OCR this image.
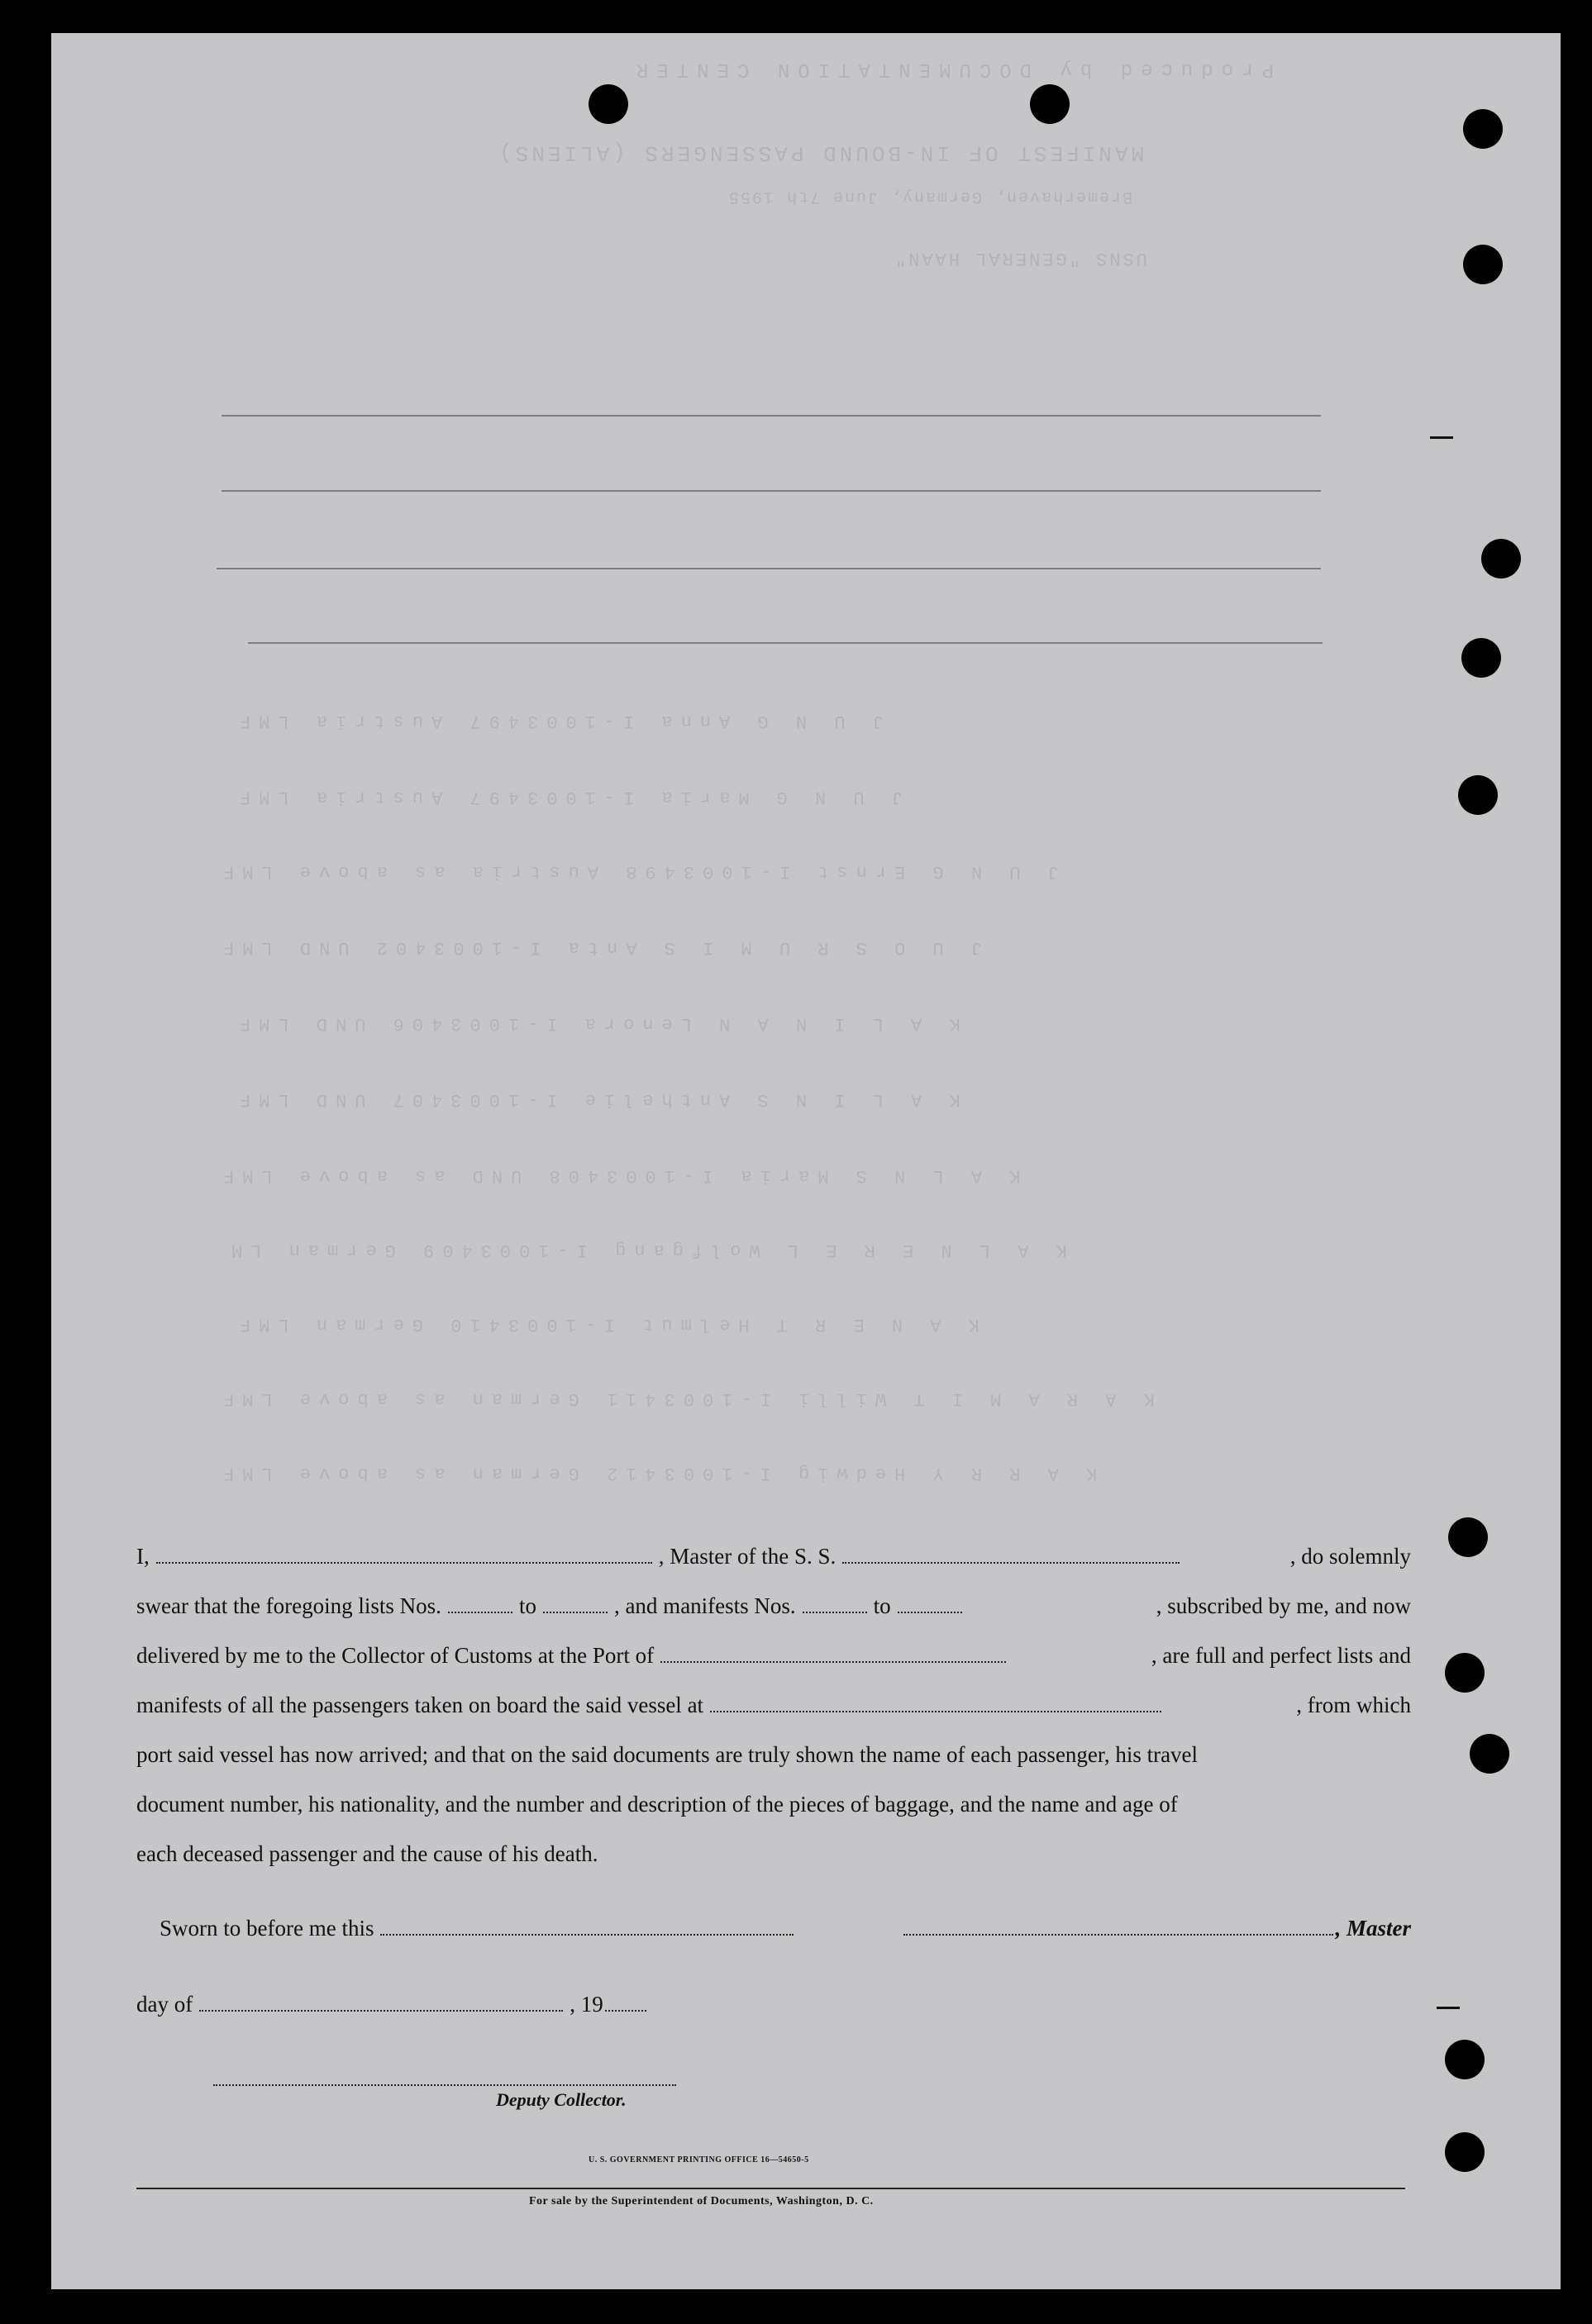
Produced by DOCUMENTATION CENTER
MANIFEST OF IN-BOUND PASSENGERS (ALIENS)
Bremerhaven, Germany, June 7th 1955
USNS "GENERAL HAAN"
J U N G Anna I-1003497 Austria LMF
J U N G Maria I-1003497 Austria LMF
J U N G Ernst I-1003498 Austria as above LMF
J U O S R U M I S Anta I-1003402 UND LMF
K A L I N A N Lenora I-1003406 UND LMF
K A L I N S Anthelie I-1003407 UND LMF
K A L N S Maria I-1003408 UND as above LMF
K A L N E R E L Wolfgang I-1003409 German LM
K A N E R T Helmut I-1003410 German LMF
K A R A M I T Willi I-1003411 German as above LMF
K A R R Y Hedwig I-1003412 German as above LMF
I,	, Master of the S. S.	, do solemnly
swear that the foregoing lists Nos.	to	, and manifests Nos.	to	, subscribed by me, and now
delivered by me to the Collector of Customs at the Port of	, are full and perfect lists and
manifests of all the passengers taken on board the said vessel at	, from which
port said vessel has now arrived; and that on the said documents are truly shown the name of each passenger, his travel
document number, his nationality, and the number and description of the pieces of baggage, and the name and age of
each deceased passenger and the cause of his death.
Sworn to before me this	, Master
day of	, 19
Deputy Collector.
U. S. GOVERNMENT PRINTING OFFICE 16—54650-5
For sale by the Superintendent of Documents, Washington, D. C.
